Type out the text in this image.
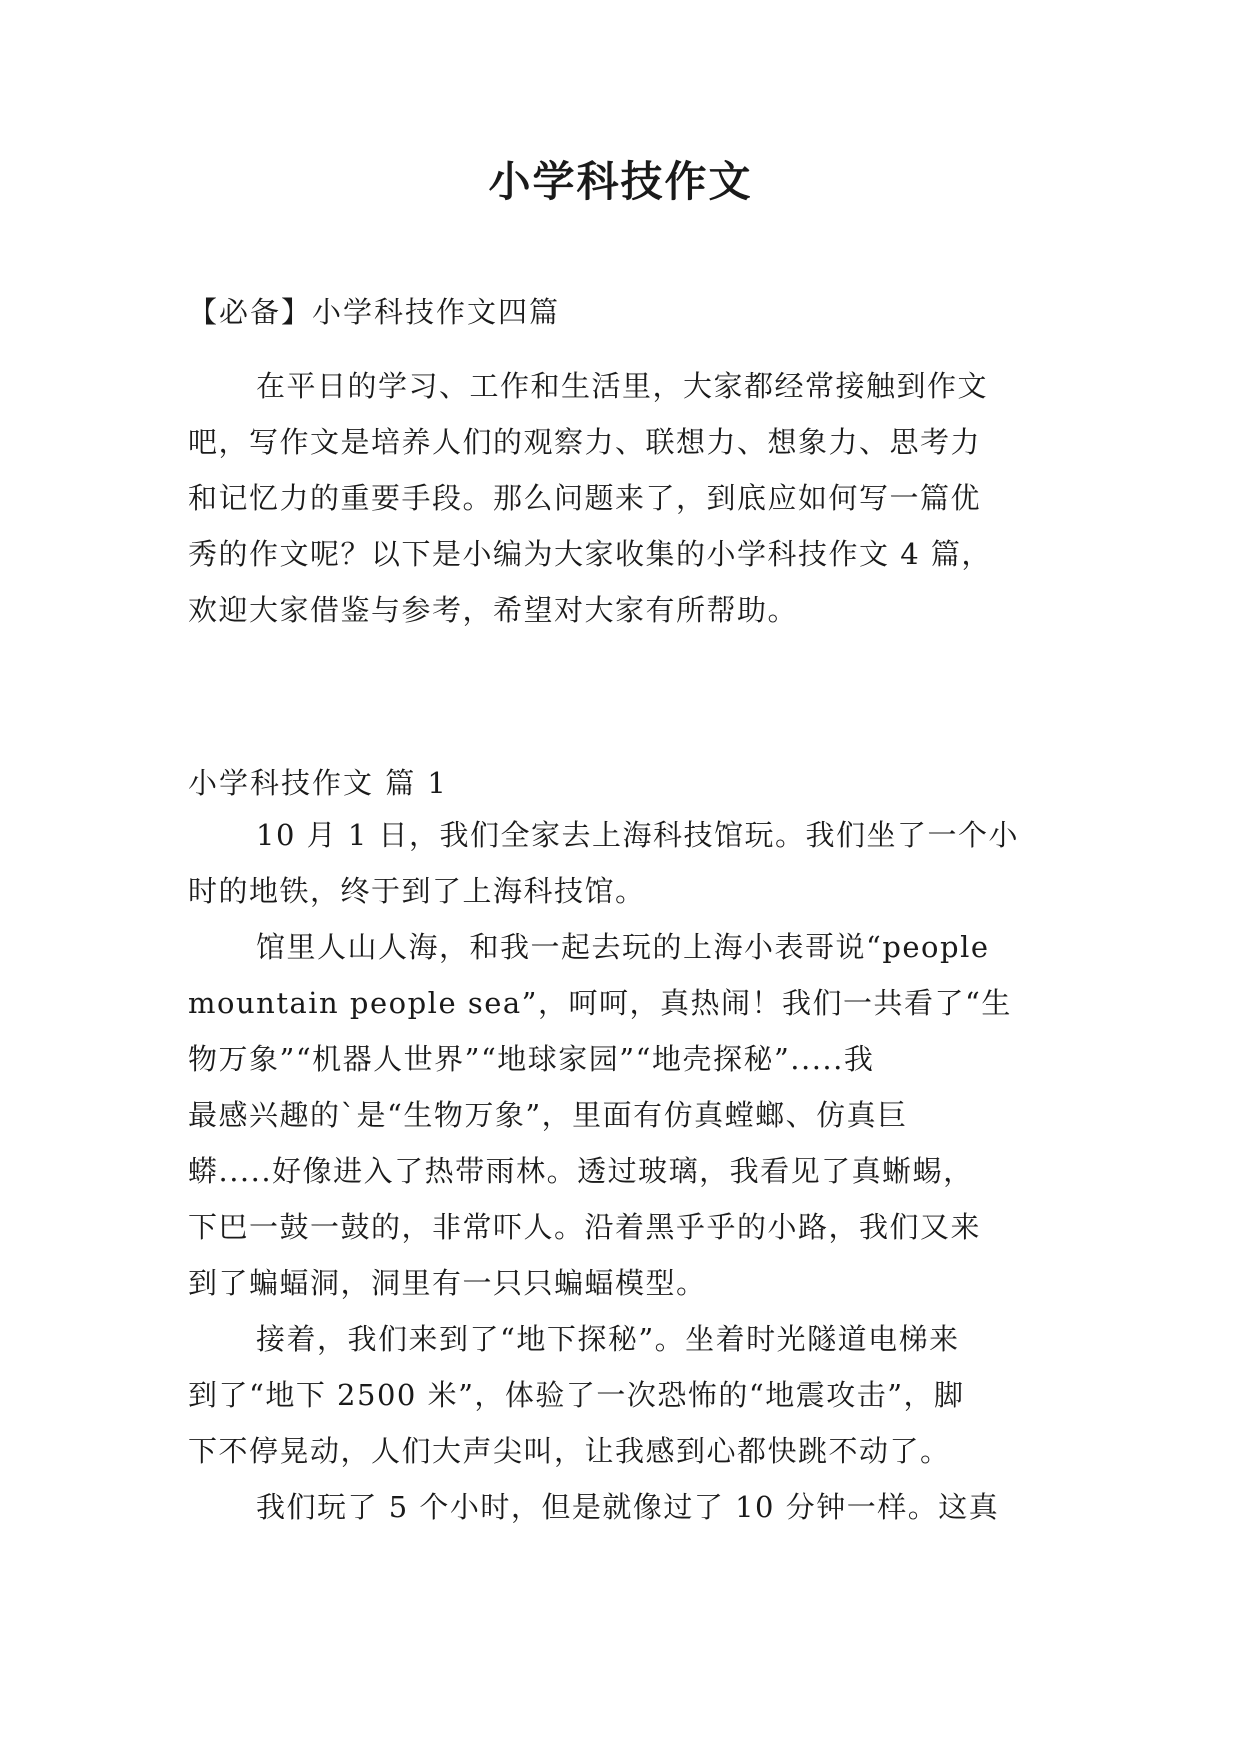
小学科技作文

【必备】小学科技作文四篇

在平日的学习、工作和生活里，大家都经常接触到作文
吧，写作文是培养人们的观察力、联想力、想象力、思考力
和记忆力的重要手段。那么问题来了，到底应如何写一篇优
秀的作文呢？以下是小编为大家收集的小学科技作文 4 篇，
欢迎大家借鉴与参考，希望对大家有所帮助。

小学科技作文 篇 1

10 月 1 日，我们全家去上海科技馆玩。我们坐了一个小
时的地铁，终于到了上海科技馆。
馆里人山人海，和我一起去玩的上海小表哥说“people
mountain people sea”，呵呵，真热闹！我们一共看了“生
物万象”“机器人世界”“地球家园”“地壳探秘”.....我
最感兴趣的`是“生物万象”，里面有仿真螳螂、仿真巨
蟒.....好像进入了热带雨林。透过玻璃，我看见了真蜥蜴，
下巴一鼓一鼓的，非常吓人。沿着黑乎乎的小路，我们又来
到了蝙蝠洞，洞里有一只只蝙蝠模型。
接着，我们来到了“地下探秘”。坐着时光隧道电梯来
到了“地下 2500 米”，体验了一次恐怖的“地震攻击”，脚
下不停晃动，人们大声尖叫，让我感到心都快跳不动了。
我们玩了 5 个小时，但是就像过了 10 分钟一样。这真
